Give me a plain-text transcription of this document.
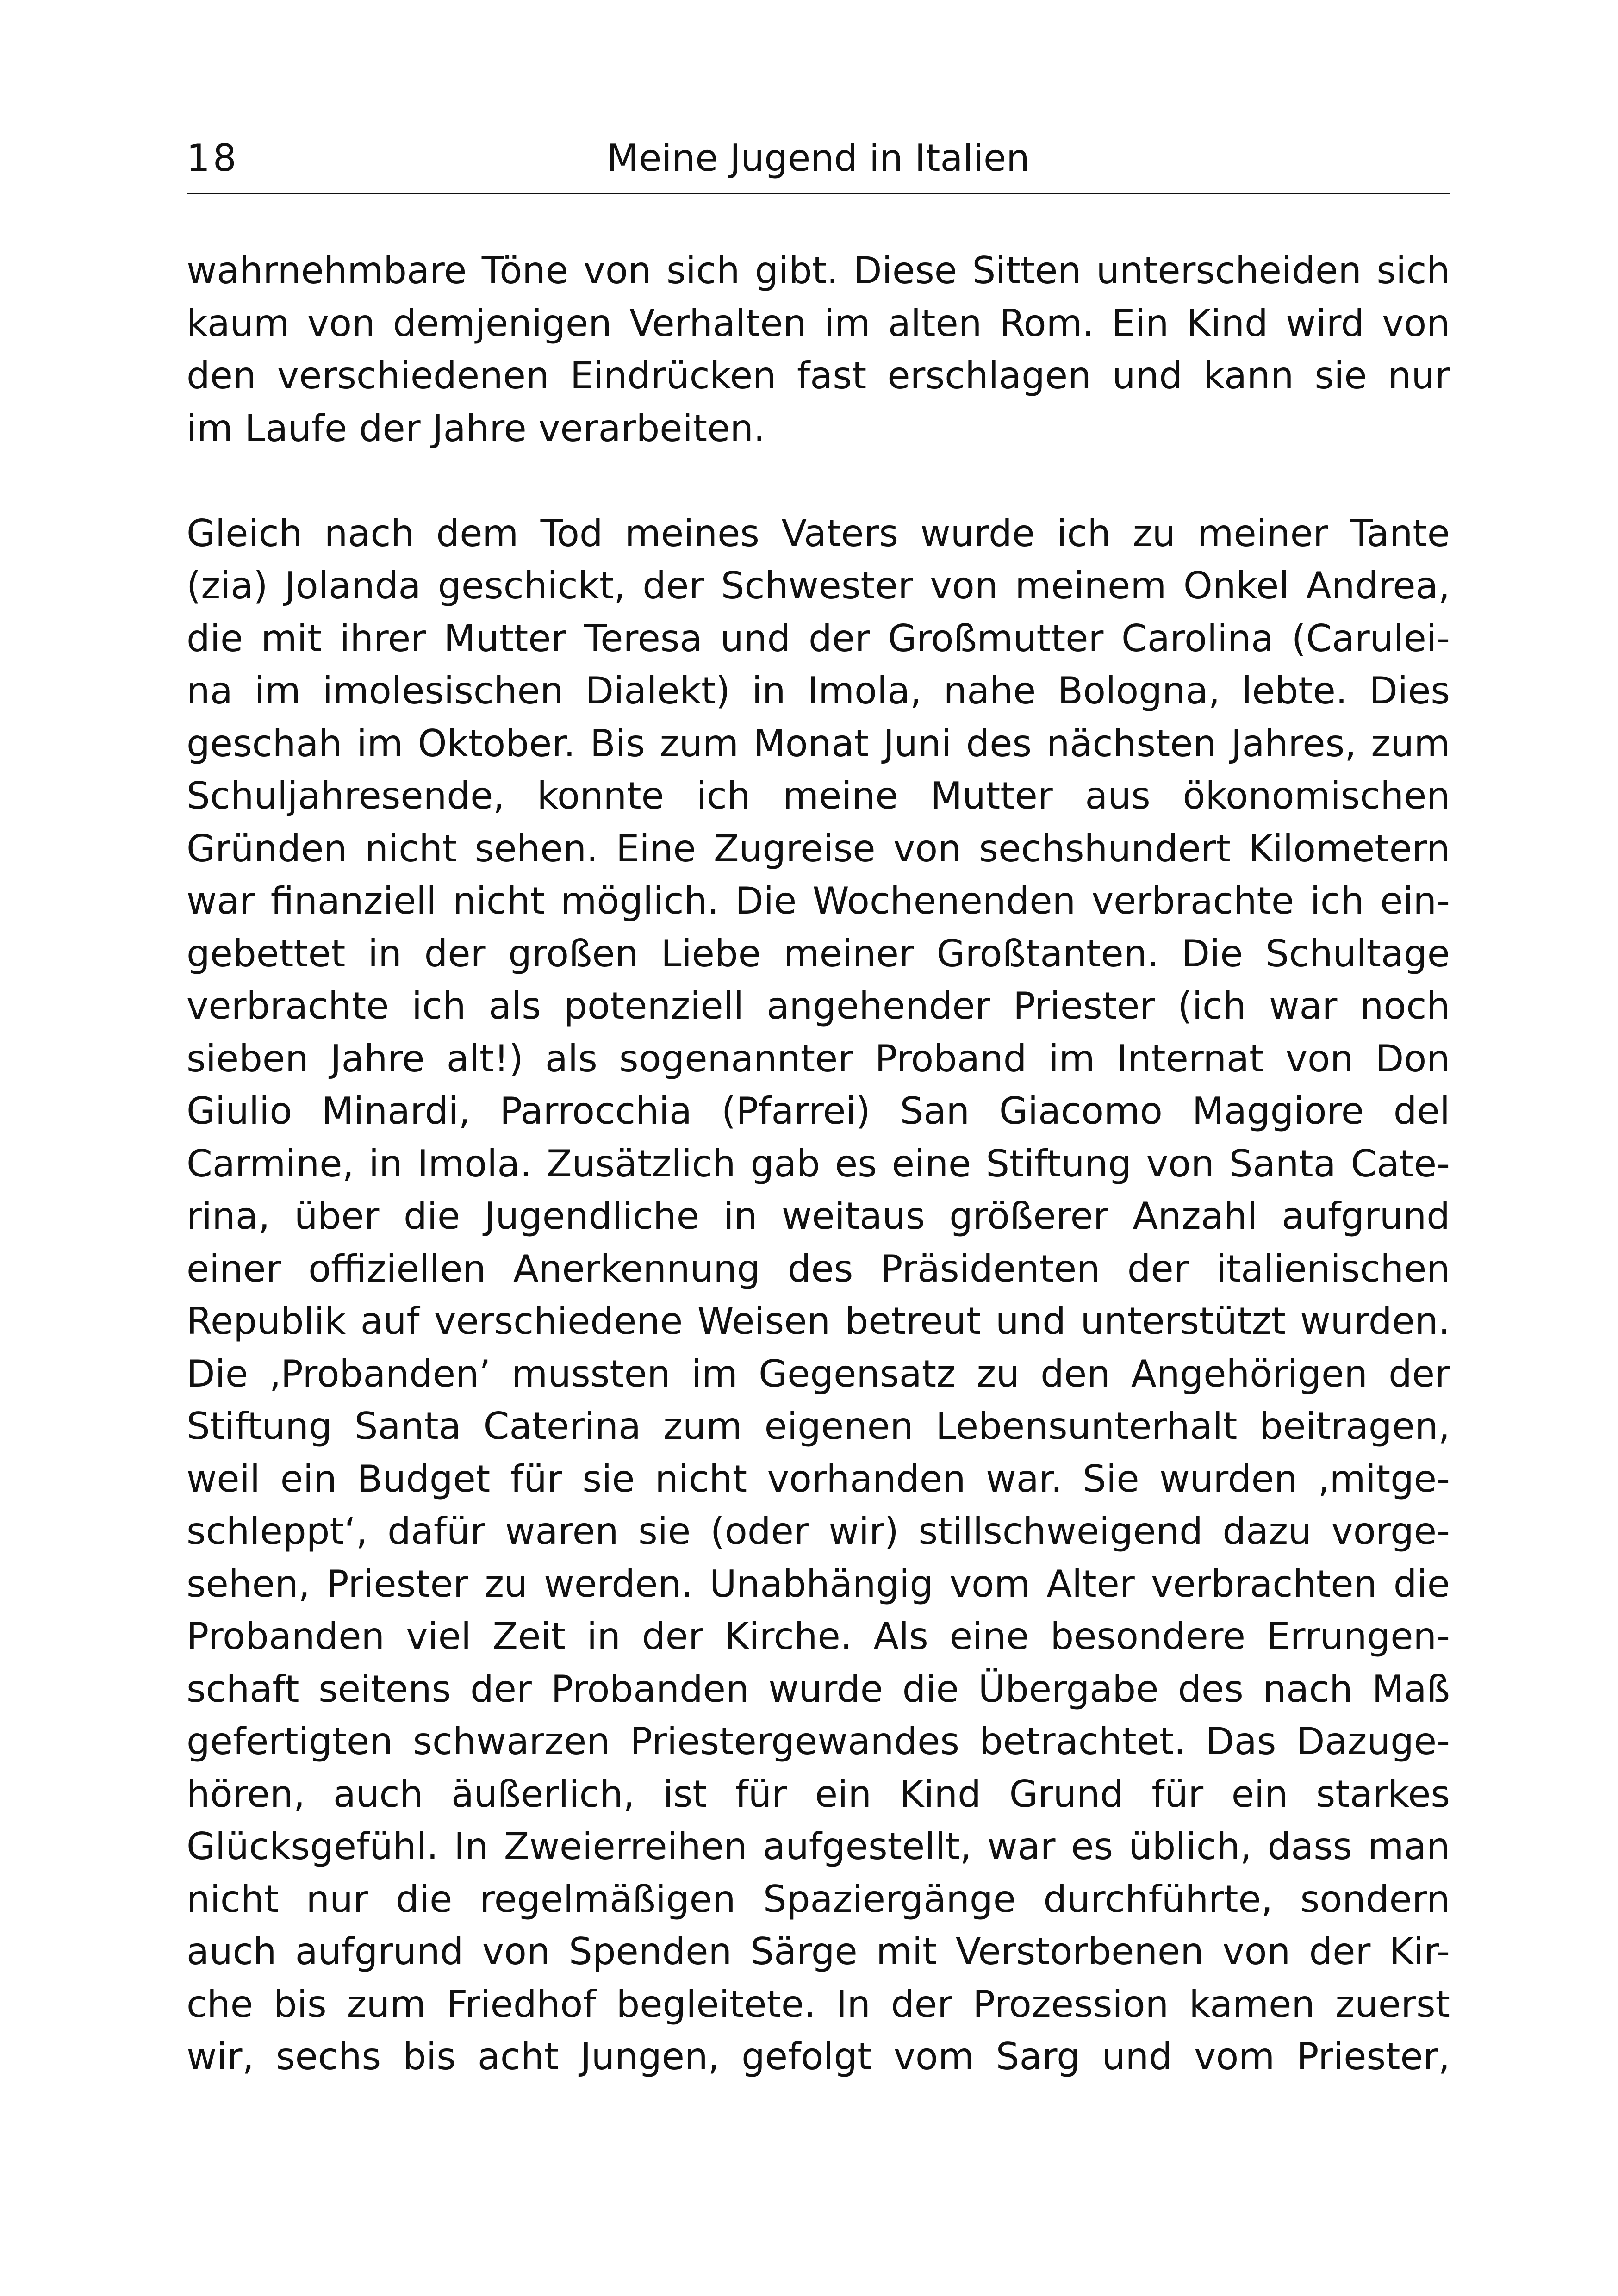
18	Meine Jugend in Italien
wahrnehmbare Töne von sich gibt. Diese Sitten unterscheiden sich
kaum von demjenigen Verhalten im alten Rom. Ein Kind wird von
den verschiedenen Eindrücken fast erschlagen und kann sie nur
im Laufe der Jahre verarbeiten.
Gleich nach dem Tod meines Vaters wurde ich zu meiner Tante
(zia) Jolanda geschickt, der Schwester von meinem Onkel Andrea,
die mit ihrer Mutter Teresa und der Großmutter Carolina (Carulei-
na im imolesischen Dialekt) in Imola, nahe Bologna, lebte. Dies
geschah im Oktober. Bis zum Monat Juni des nächsten Jahres, zum
Schuljahresende, konnte ich meine Mutter aus ökonomischen
Gründen nicht sehen. Eine Zugreise von sechshundert Kilometern
war finanziell nicht möglich. Die Wochenenden verbrachte ich ein-
gebettet in der großen Liebe meiner Großtanten. Die Schultage
verbrachte ich als potenziell angehender Priester (ich war noch
sieben Jahre alt!) als sogenannter Proband im Internat von Don
Giulio Minardi, Parrocchia (Pfarrei) San Giacomo Maggiore del
Carmine, in Imola. Zusätzlich gab es eine Stiftung von Santa Cate-
rina, über die Jugendliche in weitaus größerer Anzahl aufgrund
einer offiziellen Anerkennung des Präsidenten der italienischen
Republik auf verschiedene Weisen betreut und unterstützt wurden.
Die ‚Probanden’ mussten im Gegensatz zu den Angehörigen der
Stiftung Santa Caterina zum eigenen Lebensunterhalt beitragen,
weil ein Budget für sie nicht vorhanden war. Sie wurden ‚mitge-
schleppt‘, dafür waren sie (oder wir) stillschweigend dazu vorge-
sehen, Priester zu werden. Unabhängig vom Alter verbrachten die
Probanden viel Zeit in der Kirche. Als eine besondere Errungen-
schaft seitens der Probanden wurde die Übergabe des nach Maß
gefertigten schwarzen Priestergewandes betrachtet. Das Dazuge-
hören, auch äußerlich, ist für ein Kind Grund für ein starkes
Glücksgefühl. In Zweierreihen aufgestellt, war es üblich, dass man
nicht nur die regelmäßigen Spaziergänge durchführte, sondern
auch aufgrund von Spenden Särge mit Verstorbenen von der Kir-
che bis zum Friedhof begleitete. In der Prozession kamen zuerst
wir, sechs bis acht Jungen, gefolgt vom Sarg und vom Priester,
